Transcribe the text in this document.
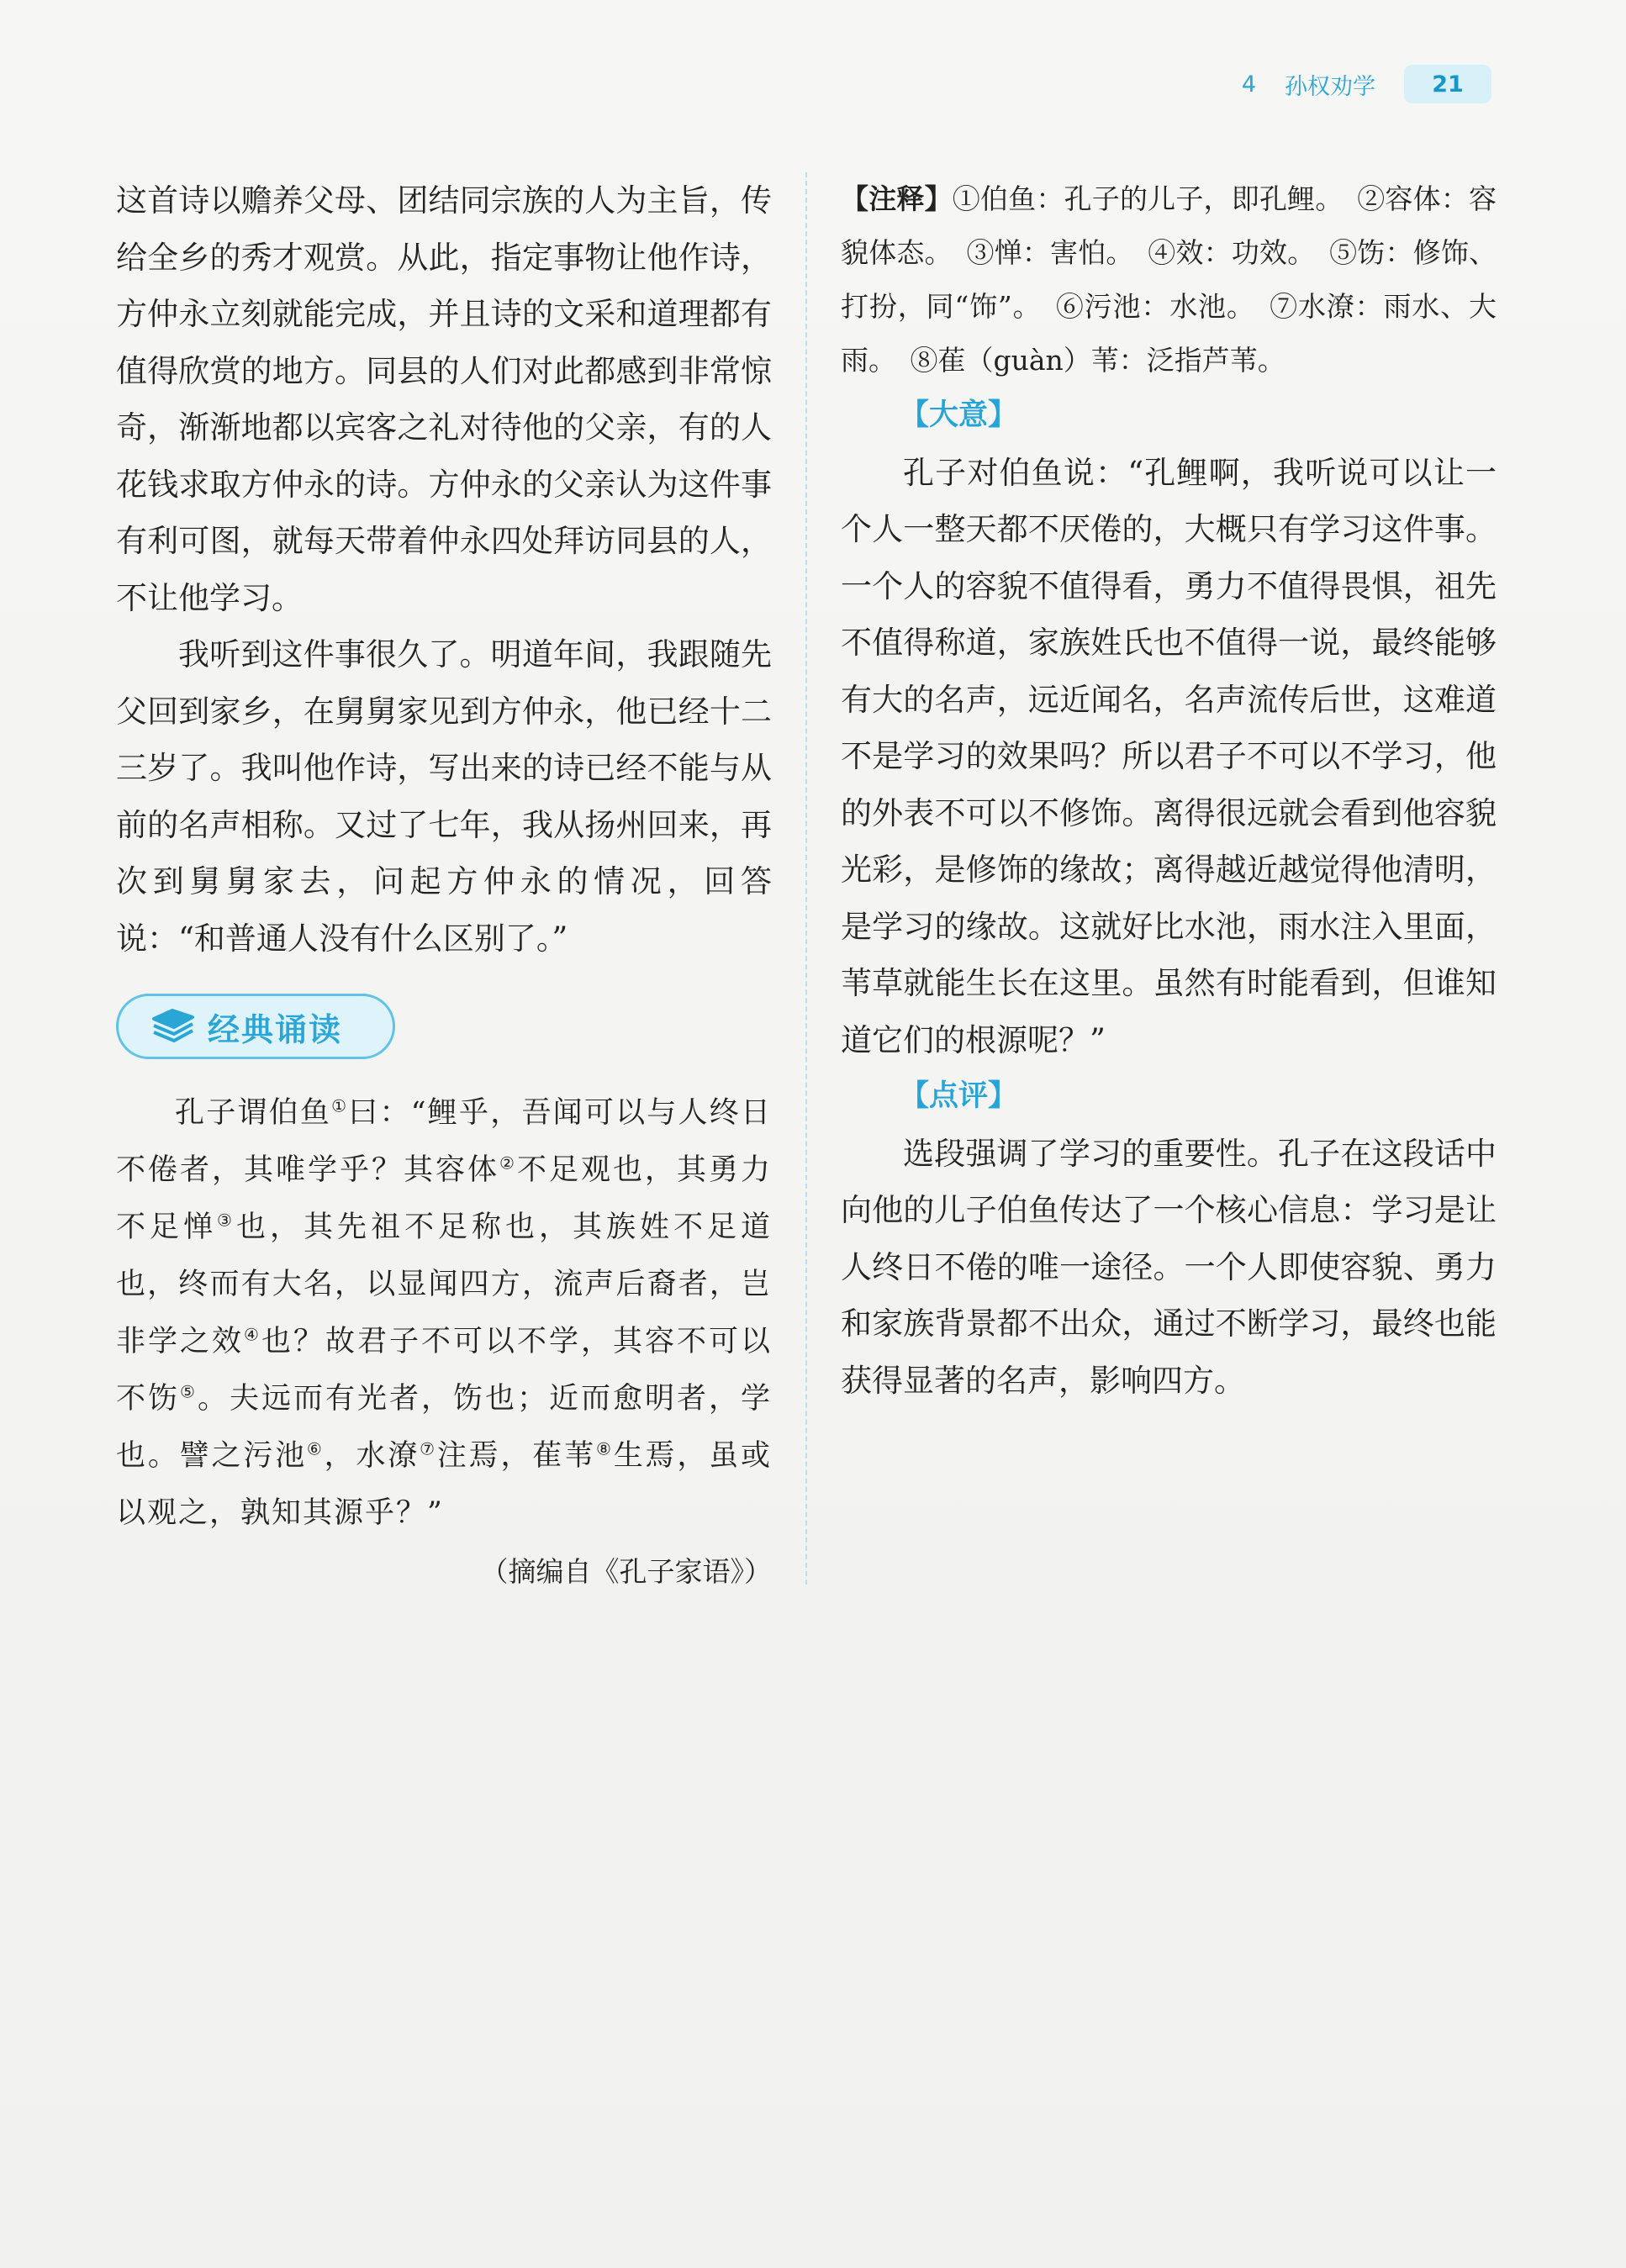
4 孙权劝学	21

这首诗以赡养父母、团结同宗族的人为主旨，传给全乡的秀才观赏。从此，指定事物让他作诗，方仲永立刻就能完成，并且诗的文采和道理都有值得欣赏的地方。同县的人们对此都感到非常惊奇，渐渐地都以宾客之礼对待他的父亲，有的人花钱求取方仲永的诗。方仲永的父亲认为这件事有利可图，就每天带着仲永四处拜访同县的人，不让他学习。

我听到这件事很久了。明道年间，我跟随先父回到家乡，在舅舅家见到方仲永，他已经十二三岁了。我叫他作诗，写出来的诗已经不能与从前的名声相称。又过了七年，我从扬州回来，再次到舅舅家去，问起方仲永的情况，回答说：“和普通人没有什么区别了。”

经典诵读

孔子谓伯鱼①曰：“鲤乎，吾闻可以与人终日不倦者，其唯学乎？其容体②不足观也，其勇力不足惮③也，其先祖不足称也，其族姓不足道也，终而有大名，以显闻四方，流声后裔者，岂非学之效④也？故君子不可以不学，其容不可以不饬⑤。夫远而有光者，饬也；近而愈明者，学也。譬之污池⑥，水潦⑦注焉，萑苇⑧生焉，虽或以观之，孰知其源乎？”

（摘编自《孔子家语》）

【注释】①伯鱼：孔子的儿子，即孔鲤。　②容体：容貌体态。　③惮：害怕。　④效：功效。　⑤饬：修饰、打扮，同“饰”。　⑥污池：水池。　⑦水潦：雨水、大雨。　⑧萑（guàn）苇：泛指芦苇。

【大意】

孔子对伯鱼说：“孔鲤啊，我听说可以让一个人一整天都不厌倦的，大概只有学习这件事。一个人的容貌不值得看，勇力不值得畏惧，祖先不值得称道，家族姓氏也不值得一说，最终能够有大的名声，远近闻名，名声流传后世，这难道不是学习的效果吗？所以君子不可以不学习，他的外表不可以不修饰。离得很远就会看到他容貌光彩，是修饰的缘故；离得越近越觉得他清明，是学习的缘故。这就好比水池，雨水注入里面，苇草就能生长在这里。虽然有时能看到，但谁知道它们的根源呢？”

【点评】

选段强调了学习的重要性。孔子在这段话中向他的儿子伯鱼传达了一个核心信息：学习是让人终日不倦的唯一途径。一个人即使容貌、勇力和家族背景都不出众，通过不断学习，最终也能获得显著的名声，影响四方。
